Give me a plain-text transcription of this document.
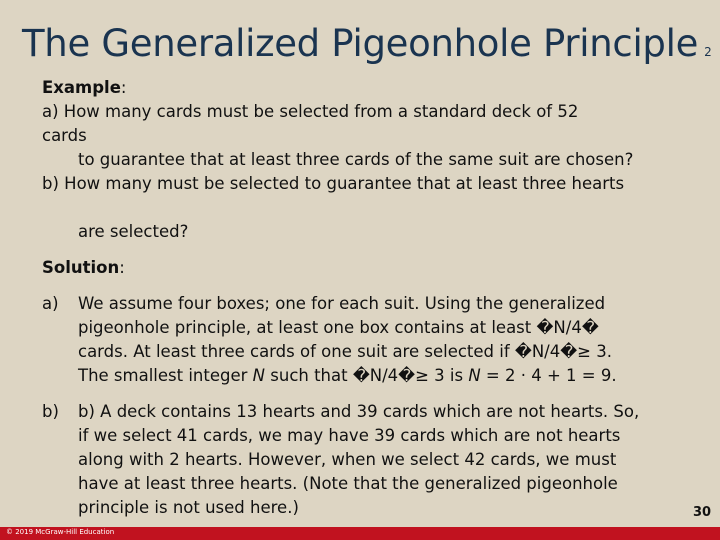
The Generalized Pigeonhole Principle 2
Example:
a) How many cards must be selected from a standard deck of 52
cards
to guarantee that at least three cards of the same suit are chosen?
b) How many must be selected to guarantee that at least three hearts
are selected?
Solution:
a) We assume four boxes; one for each suit. Using the generalized
pigeonhole principle, at least one box contains at least �N/4�
cards. At least three cards of one suit are selected if �N/4�≥ 3.
The smallest integer N such that �N/4�≥ 3 is N = 2 · 4 + 1 = 9.
b) b) A deck contains 13 hearts and 39 cards which are not hearts. So,
if we select 41 cards, we may have 39 cards which are not hearts
along with 2 hearts. However, when we select 42 cards, we must
have at least three hearts. (Note that the generalized pigeonhole
principle is not used here.)	30
© 2019 McGraw-Hill Education
